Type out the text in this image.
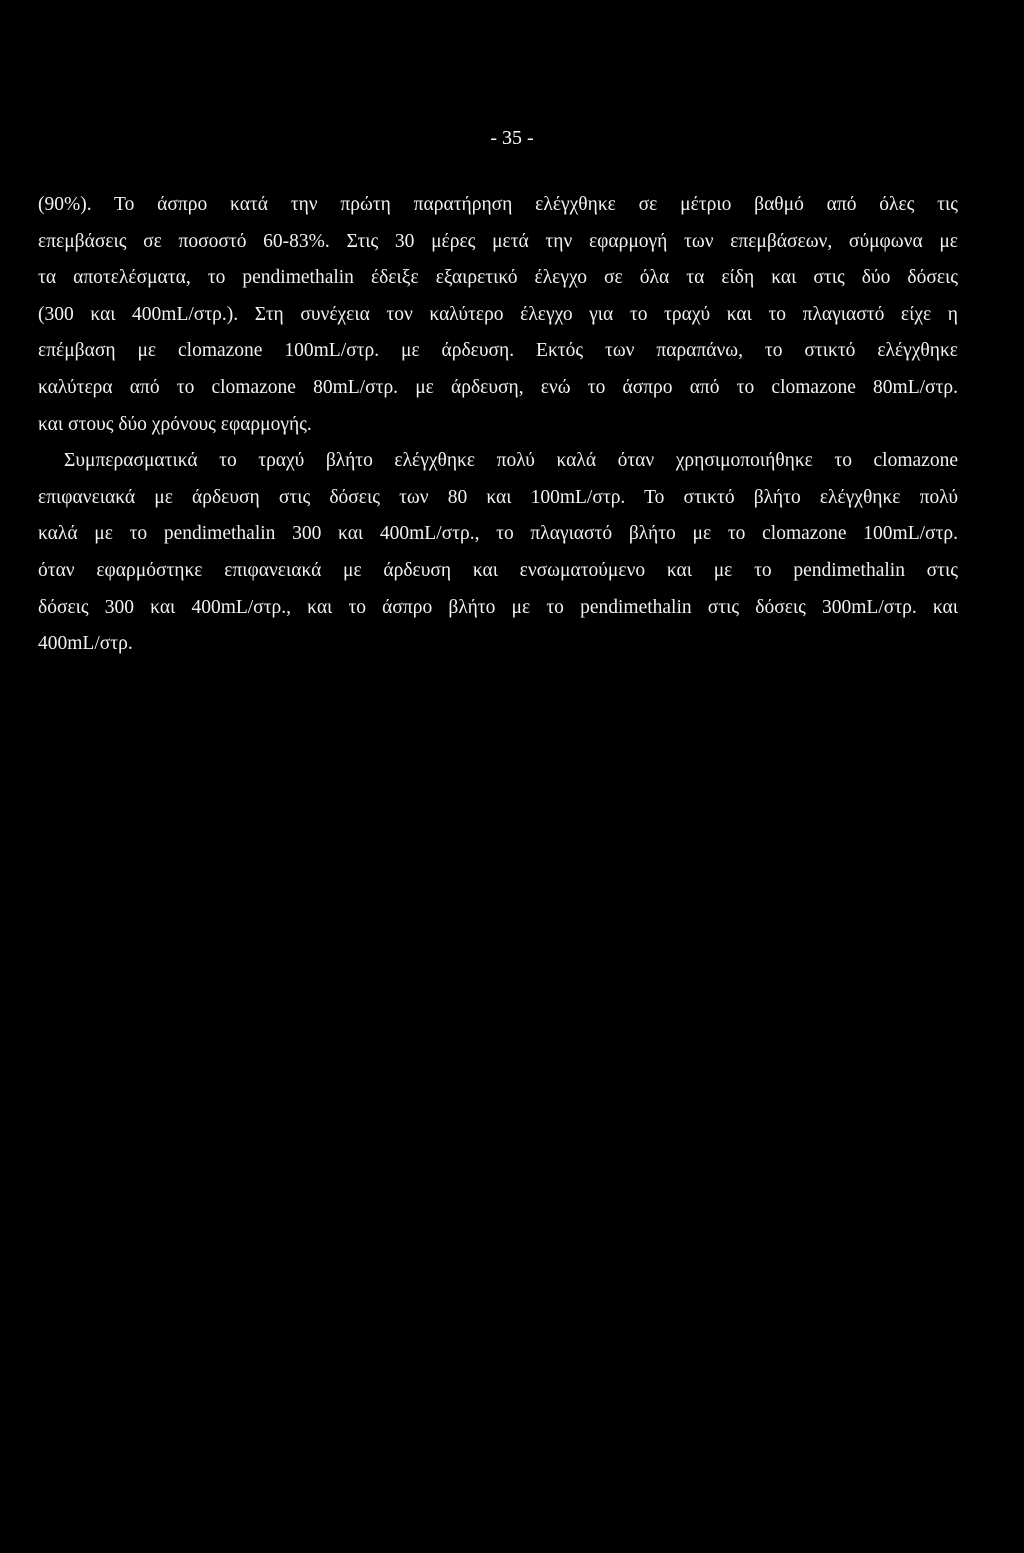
- 35 -
(90%). Το άσπρο κατά την πρώτη παρατήρηση ελέγχθηκε σε μέτριο βαθμό από όλες τις
επεμβάσεις σε ποσοστό 60-83%. Στις 30 μέρες μετά την εφαρμογή των επεμβάσεων, σύμφωνα με
τα αποτελέσματα, το pendimethalin έδειξε εξαιρετικό έλεγχο σε όλα τα είδη και στις δύο δόσεις
(300 και 400mL/στρ.). Στη συνέχεια τον καλύτερο έλεγχο για το τραχύ και το πλαγιαστό είχε η
επέμβαση με clomazone 100mL/στρ. με άρδευση. Εκτός των παραπάνω, το στικτό ελέγχθηκε
καλύτερα από το clomazone 80mL/στρ. με άρδευση, ενώ το άσπρο από το clomazone 80mL/στρ.
και στους δύο χρόνους εφαρμογής.
Συμπερασματικά το τραχύ βλήτο ελέγχθηκε πολύ καλά όταν χρησιμοποιήθηκε το clomazone
επιφανειακά με άρδευση στις δόσεις των 80 και 100mL/στρ. Το στικτό βλήτο ελέγχθηκε πολύ
καλά με το pendimethalin 300 και 400mL/στρ., το πλαγιαστό βλήτο με το clomazone 100mL/στρ.
όταν εφαρμόστηκε επιφανειακά με άρδευση και ενσωματούμενο και με το pendimethalin στις
δόσεις 300 και 400mL/στρ., και το άσπρο βλήτο με το pendimethalin στις δόσεις 300mL/στρ. και
400mL/στρ.
